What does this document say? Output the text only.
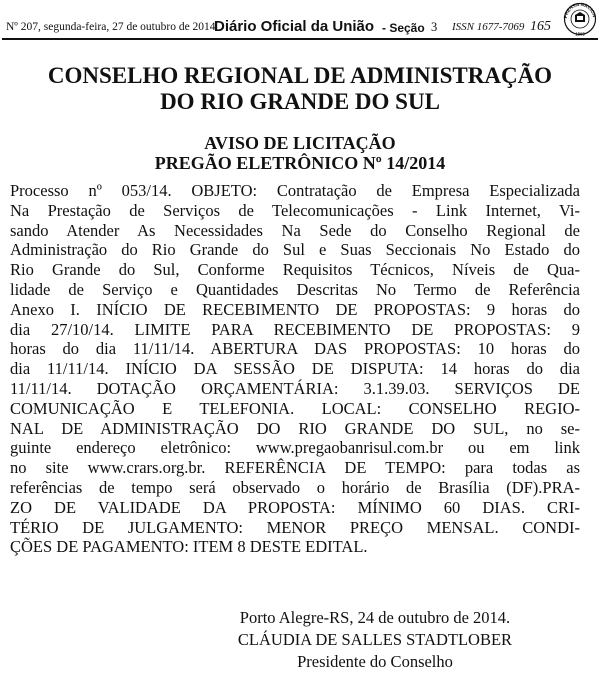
Nº 207, segunda-feira, 27 de outubro de 2014
Diário Oficial da União - Seção 3 ISSN 1677-7069 165
PRENSA NACION
1808
CONSELHO REGIONAL DE ADMINISTRAÇÃO
DO RIO GRANDE DO SUL
AVISO DE LICITAÇÃO
PREGÃO ELETRÔNICO Nº 14/2014
Processo nº 053/14. OBJETO: Contratação de Empresa Especializada
Na Prestação de Serviços de Telecomunicações - Link Internet, Vi-
sando Atender As Necessidades Na Sede do Conselho Regional de
Administração do Rio Grande do Sul e Suas Seccionais No Estado do
Rio Grande do Sul, Conforme Requisitos Técnicos, Níveis de Qua-
lidade de Serviço e Quantidades Descritas No Termo de Referência
Anexo I. INÍCIO DE RECEBIMENTO DE PROPOSTAS: 9 horas do
dia 27/10/14. LIMITE PARA RECEBIMENTO DE PROPOSTAS: 9
horas do dia 11/11/14. ABERTURA DAS PROPOSTAS: 10 horas do
dia 11/11/14. INÍCIO DA SESSÃO DE DISPUTA: 14 horas do dia
11/11/14. DOTAÇÃO ORÇAMENTÁRIA: 3.1.39.03. SERVIÇOS DE
COMUNICAÇÃO E TELEFONIA. LOCAL: CONSELHO REGIO-
NAL DE ADMINISTRAÇÃO DO RIO GRANDE DO SUL, no se-
guinte endereço eletrônico: www.pregaobanrisul.com.br ou em link
no site www.crars.org.br. REFERÊNCIA DE TEMPO: para todas as
referências de tempo será observado o horário de Brasília (DF).PRA-
ZO DE VALIDADE DA PROPOSTA: MÍNIMO 60 DIAS. CRI-
TÉRIO DE JULGAMENTO: MENOR PREÇO MENSAL. CONDI-
ÇÕES DE PAGAMENTO: ITEM 8 DESTE EDITAL.
Porto Alegre-RS, 24 de outubro de 2014.
CLÁUDIA DE SALLES STADTLOBER
Presidente do Conselho
